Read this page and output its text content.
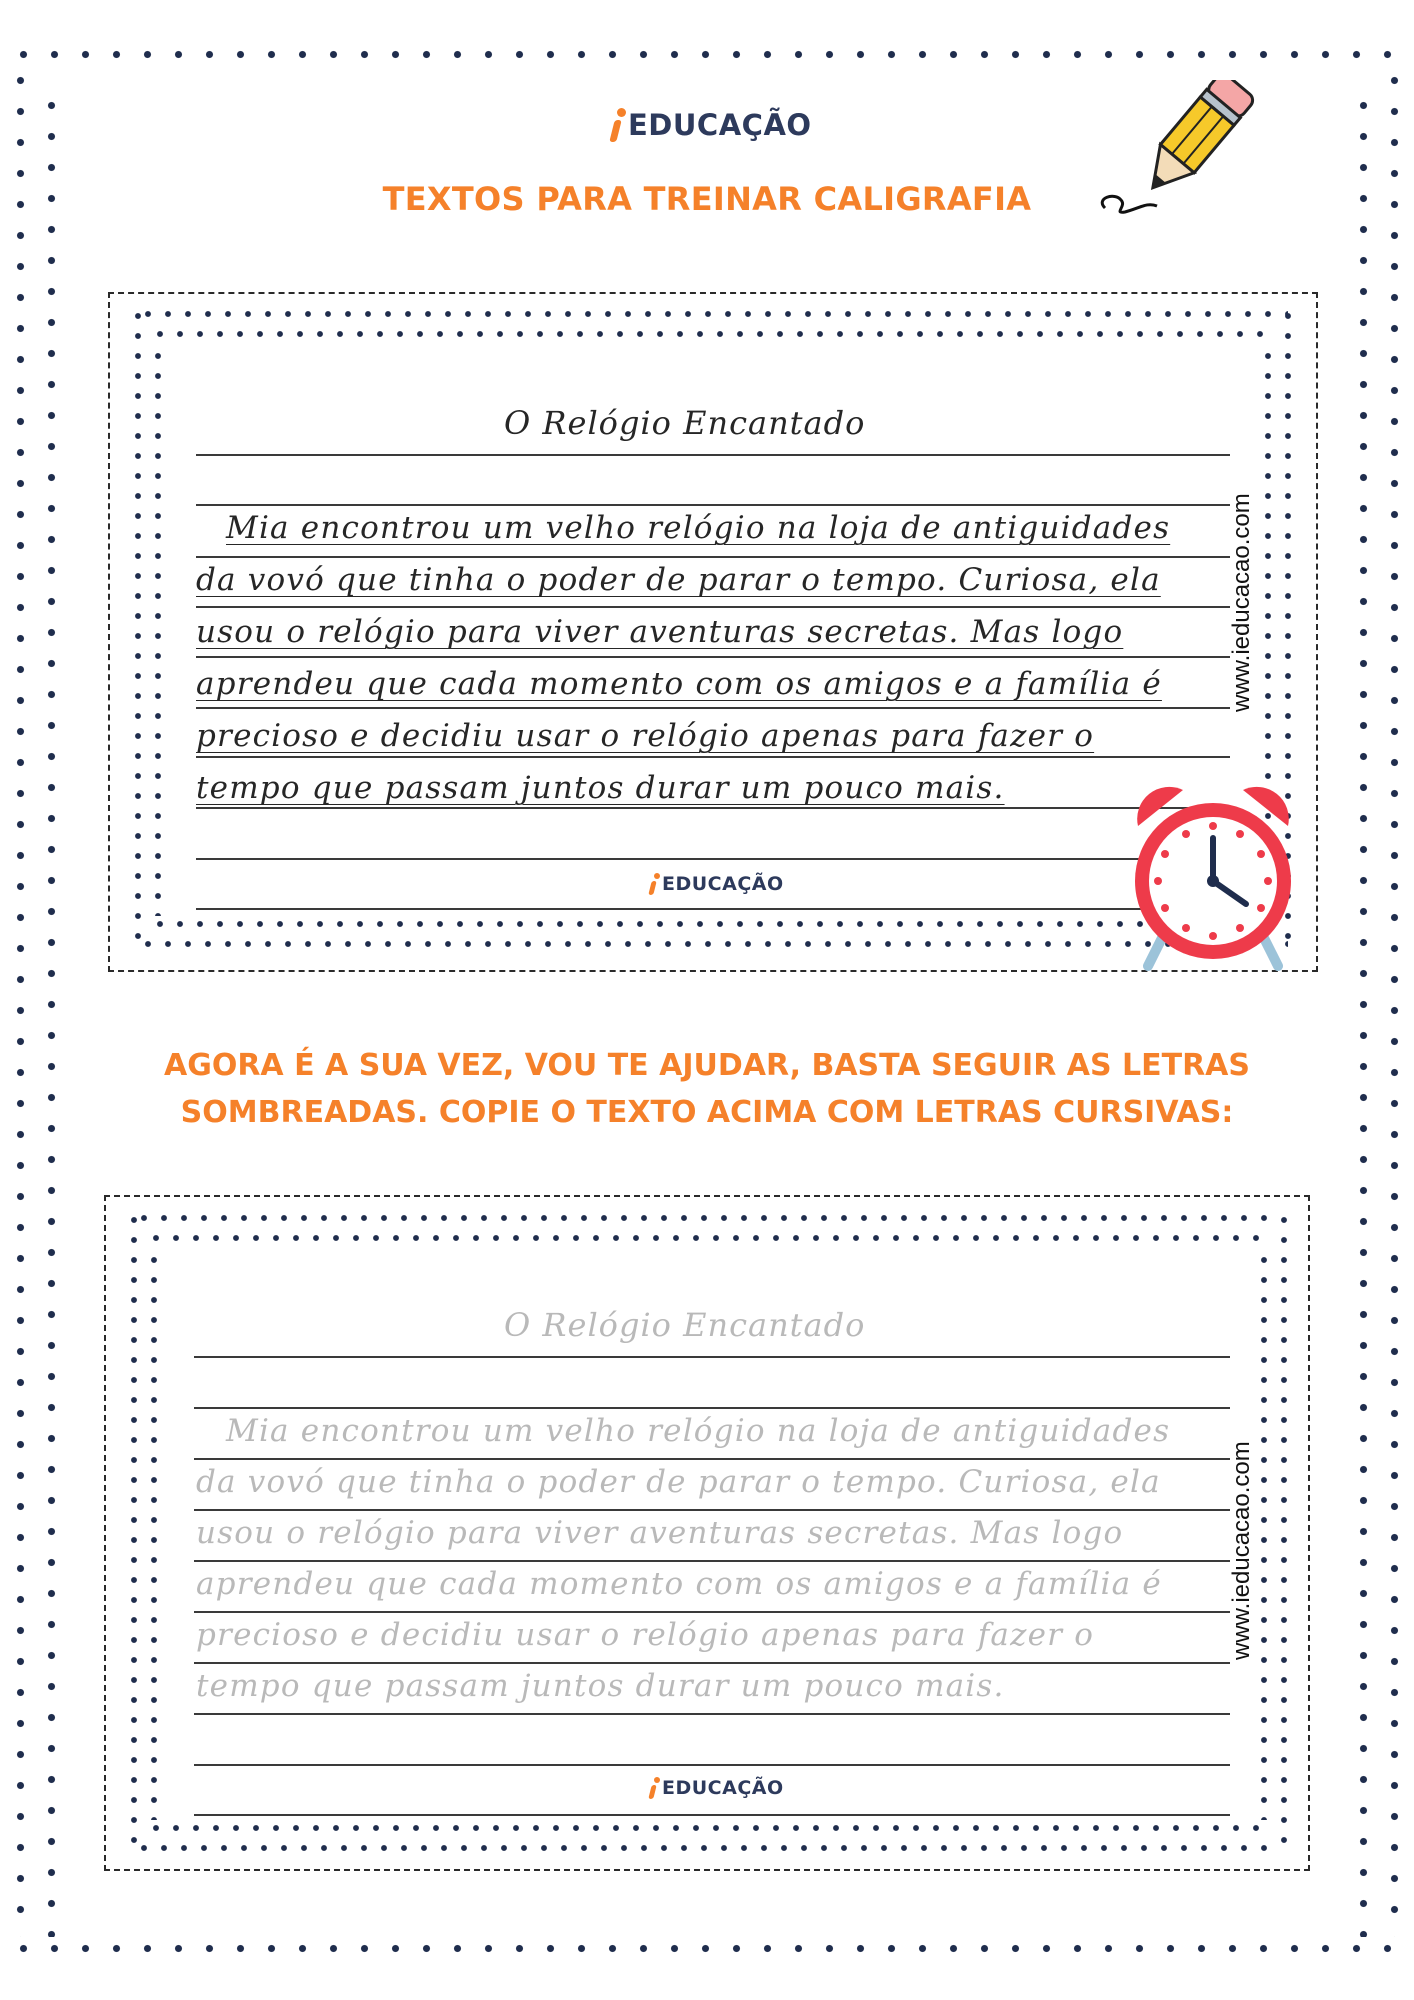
EDUCAÇÃO
TEXTOS PARA TREINAR CALIGRAFIA
O Relógio Encantado
Mia encontrou um velho relógio na loja de antiguidades
da vovó que tinha o poder de parar o tempo. Curiosa, ela
usou o relógio para viver aventuras secretas. Mas logo
aprendeu que cada momento com os amigos e a família é
precioso e decidiu usar o relógio apenas para fazer o
tempo que passam juntos durar um pouco mais.
EDUCAÇÃO
www.ieducacao.com
AGORA É A SUA VEZ, VOU TE AJUDAR, BASTA SEGUIR AS LETRAS
SOMBREADAS. COPIE O TEXTO ACIMA COM LETRAS CURSIVAS:
O Relógio Encantado
Mia encontrou um velho relógio na loja de antiguidades
da vovó que tinha o poder de parar o tempo. Curiosa, ela
usou o relógio para viver aventuras secretas. Mas logo
aprendeu que cada momento com os amigos e a família é
precioso e decidiu usar o relógio apenas para fazer o
tempo que passam juntos durar um pouco mais.
EDUCAÇÃO
www.ieducacao.com
